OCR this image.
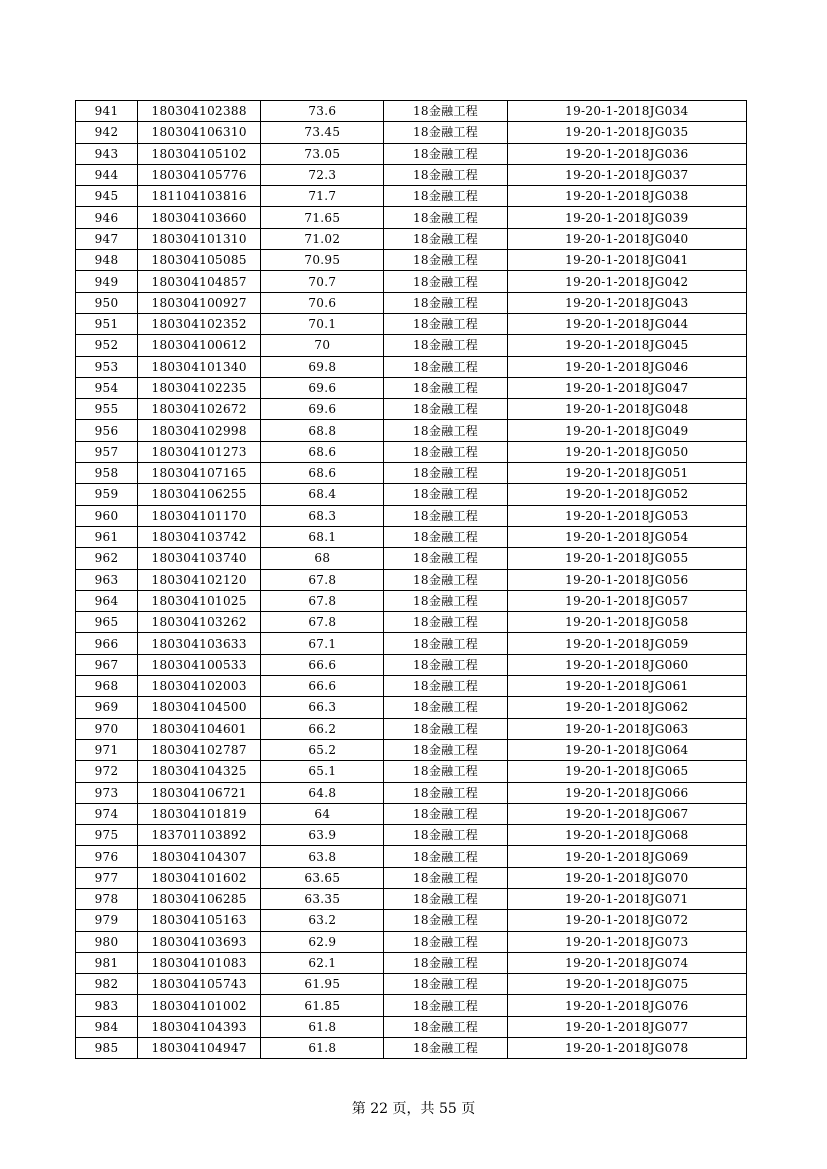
941	180304102388	73.6	18金融工程	19-20-1-2018JG034
942	180304106310	73.45	18金融工程	19-20-1-2018JG035
943	180304105102	73.05	18金融工程	19-20-1-2018JG036
944	180304105776	72.3	18金融工程	19-20-1-2018JG037
945	181104103816	71.7	18金融工程	19-20-1-2018JG038
946	180304103660	71.65	18金融工程	19-20-1-2018JG039
947	180304101310	71.02	18金融工程	19-20-1-2018JG040
948	180304105085	70.95	18金融工程	19-20-1-2018JG041
949	180304104857	70.7	18金融工程	19-20-1-2018JG042
950	180304100927	70.6	18金融工程	19-20-1-2018JG043
951	180304102352	70.1	18金融工程	19-20-1-2018JG044
952	180304100612	70	18金融工程	19-20-1-2018JG045
953	180304101340	69.8	18金融工程	19-20-1-2018JG046
954	180304102235	69.6	18金融工程	19-20-1-2018JG047
955	180304102672	69.6	18金融工程	19-20-1-2018JG048
956	180304102998	68.8	18金融工程	19-20-1-2018JG049
957	180304101273	68.6	18金融工程	19-20-1-2018JG050
958	180304107165	68.6	18金融工程	19-20-1-2018JG051
959	180304106255	68.4	18金融工程	19-20-1-2018JG052
960	180304101170	68.3	18金融工程	19-20-1-2018JG053
961	180304103742	68.1	18金融工程	19-20-1-2018JG054
962	180304103740	68	18金融工程	19-20-1-2018JG055
963	180304102120	67.8	18金融工程	19-20-1-2018JG056
964	180304101025	67.8	18金融工程	19-20-1-2018JG057
965	180304103262	67.8	18金融工程	19-20-1-2018JG058
966	180304103633	67.1	18金融工程	19-20-1-2018JG059
967	180304100533	66.6	18金融工程	19-20-1-2018JG060
968	180304102003	66.6	18金融工程	19-20-1-2018JG061
969	180304104500	66.3	18金融工程	19-20-1-2018JG062
970	180304104601	66.2	18金融工程	19-20-1-2018JG063
971	180304102787	65.2	18金融工程	19-20-1-2018JG064
972	180304104325	65.1	18金融工程	19-20-1-2018JG065
973	180304106721	64.8	18金融工程	19-20-1-2018JG066
974	180304101819	64	18金融工程	19-20-1-2018JG067
975	183701103892	63.9	18金融工程	19-20-1-2018JG068
976	180304104307	63.8	18金融工程	19-20-1-2018JG069
977	180304101602	63.65	18金融工程	19-20-1-2018JG070
978	180304106285	63.35	18金融工程	19-20-1-2018JG071
979	180304105163	63.2	18金融工程	19-20-1-2018JG072
980	180304103693	62.9	18金融工程	19-20-1-2018JG073
981	180304101083	62.1	18金融工程	19-20-1-2018JG074
982	180304105743	61.95	18金融工程	19-20-1-2018JG075
983	180304101002	61.85	18金融工程	19-20-1-2018JG076
984	180304104393	61.8	18金融工程	19-20-1-2018JG077
985	180304104947	61.8	18金融工程	19-20-1-2018JG078
第 22 页，共 55 页
